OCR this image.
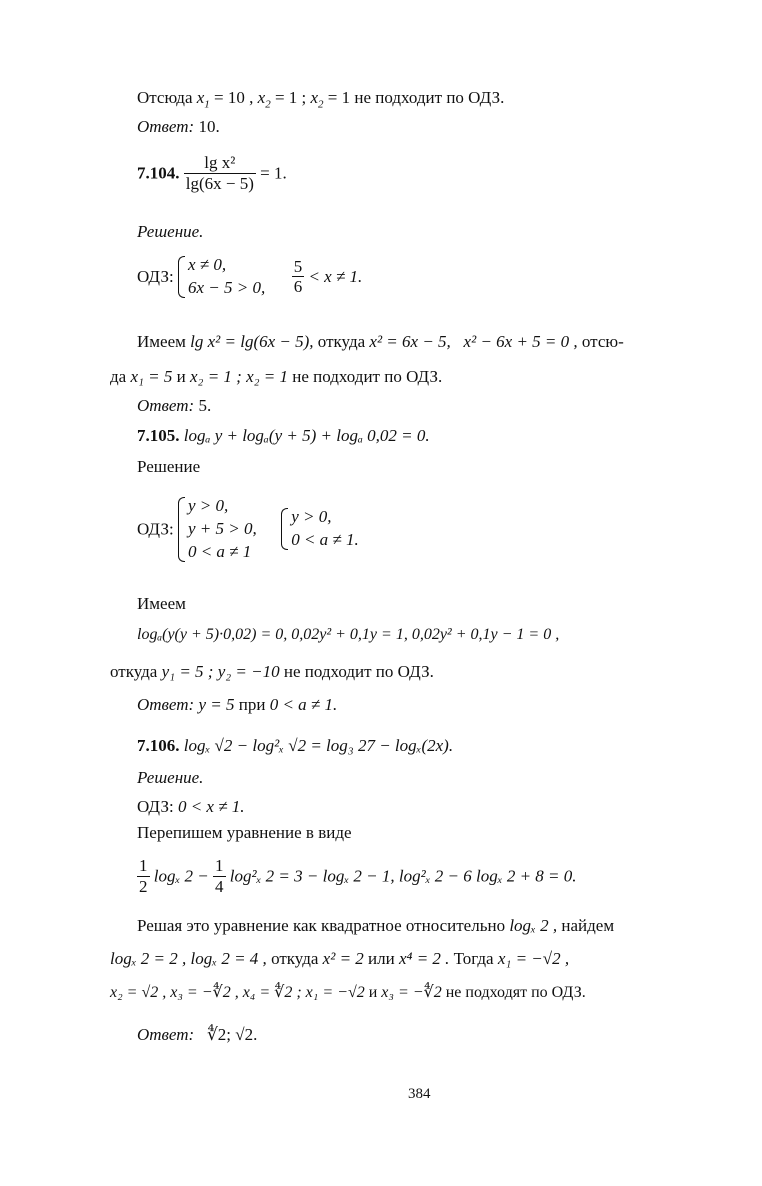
Отсюда $x_1 = 10$ , $x_2 = 1$ ; $x_2 = 1$ не подходит по ОДЗ.
Ответ: 10.
7.104. $\frac{\text{lg x²}}{\lg(6x - 5)} = 1$.
Решение.
ОДЗ:
x ≠ 0,
6x − 5 > 0,
$\frac{5}{6} < x \ne 1$.
Имеем lg x² = lg(6x − 5), откуда x² = 6x − 5, x² − 6x + 5 = 0 , отсю-
да x₁ = 5 и x₂ = 1 ; x₂ = 1 не подходит по ОДЗ.
Ответ: 5.
7.105. logₐ y + logₐ(y + 5) + logₐ 0,02 = 0.
Решение
ОДЗ:
y > 0,
y + 5 > 0,
0 < a ≠ 1

y > 0,
0 < a ≠ 1.
Имеем
logₐ(y(y + 5)·0,02) = 0, 0,02y² + 0,1y = 1, 0,02y² + 0,1y − 1 = 0 ,
откуда y₁ = 5 ; y₂ = −10 не подходит по ОДЗ.
Ответ: y = 5 при 0 < a ≠ 1.
7.106. logₓ √2 − log²ₓ √2 = log₃ 27 − logₓ(2x).
Решение.
ОДЗ: 0 < x ≠ 1.
Перепишем уравнение в виде
$\frac{1}{2}$ logₓ $2 - \frac{1}{4} \log^2_x$ 2 = 3 − logₓ 2 − 1, log²ₓ 2 − 6 logₓ 2 + 8 = 0.
Решая это уравнение как квадратное относительно logₓ 2 , найдем
logₓ 2 = 2 , logₓ 2 = 4 , откуда x² = 2 или x⁴ = 2 . Тогда x₁ = −√2 ,
x₂ = √2 , x₃ = −∜2 , x₄ = ∜2 ; x₁ = −√2 и x₃ = −∜2 не подходят по ОДЗ.
Ответ: ∜2; √2.
384
